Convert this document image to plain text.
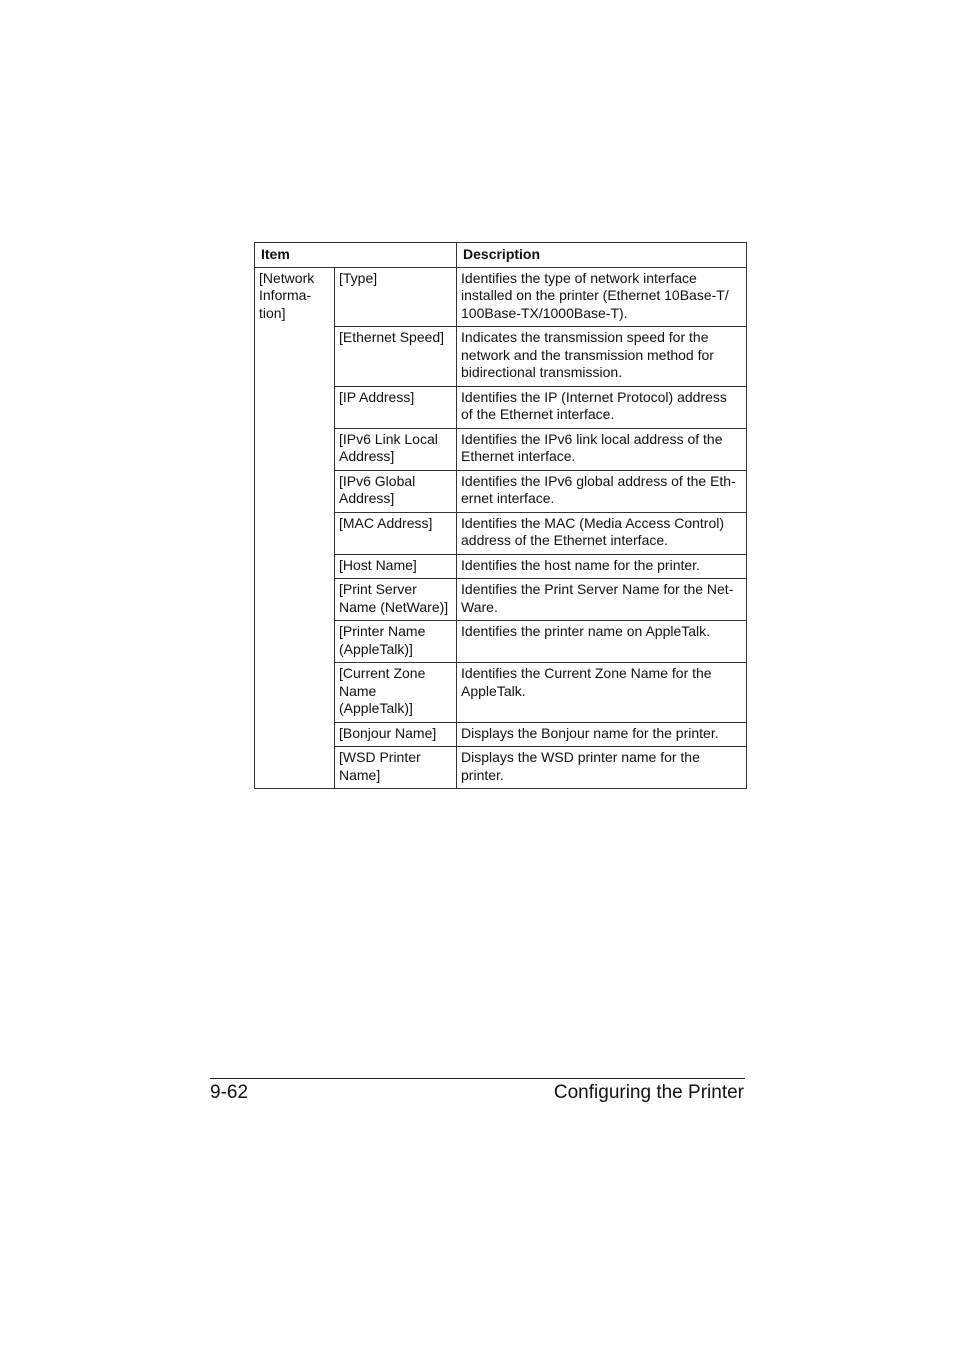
Item		Description
[Network
Informa-
tion]	[Type]	Identifies the type of network interface
installed on the printer (Ethernet 10Base-T/
100Base-TX/1000Base-T).
	[Ethernet Speed]	Indicates the transmission speed for the
network and the transmission method for
bidirectional transmission.
	[IP Address]	Identifies the IP (Internet Protocol) address
of the Ethernet interface.
	[IPv6 Link Local
Address]	Identifies the IPv6 link local address of the
Ethernet interface.
	[IPv6 Global
Address]	Identifies the IPv6 global address of the Eth-
ernet interface.
	[MAC Address]	Identifies the MAC (Media Access Control)
address of the Ethernet interface.
	[Host Name]	Identifies the host name for the printer.
	[Print Server
Name (NetWare)]	Identifies the Print Server Name for the Net-
Ware.
	[Printer Name
(AppleTalk)]	Identifies the printer name on AppleTalk.
	[Current Zone
Name (AppleTalk)]	Identifies the Current Zone Name for the
AppleTalk.
	[Bonjour Name]	Displays the Bonjour name for the printer.
	[WSD Printer
Name]	Displays the WSD printer name for the
printer.
9-62	Configuring the Printer
